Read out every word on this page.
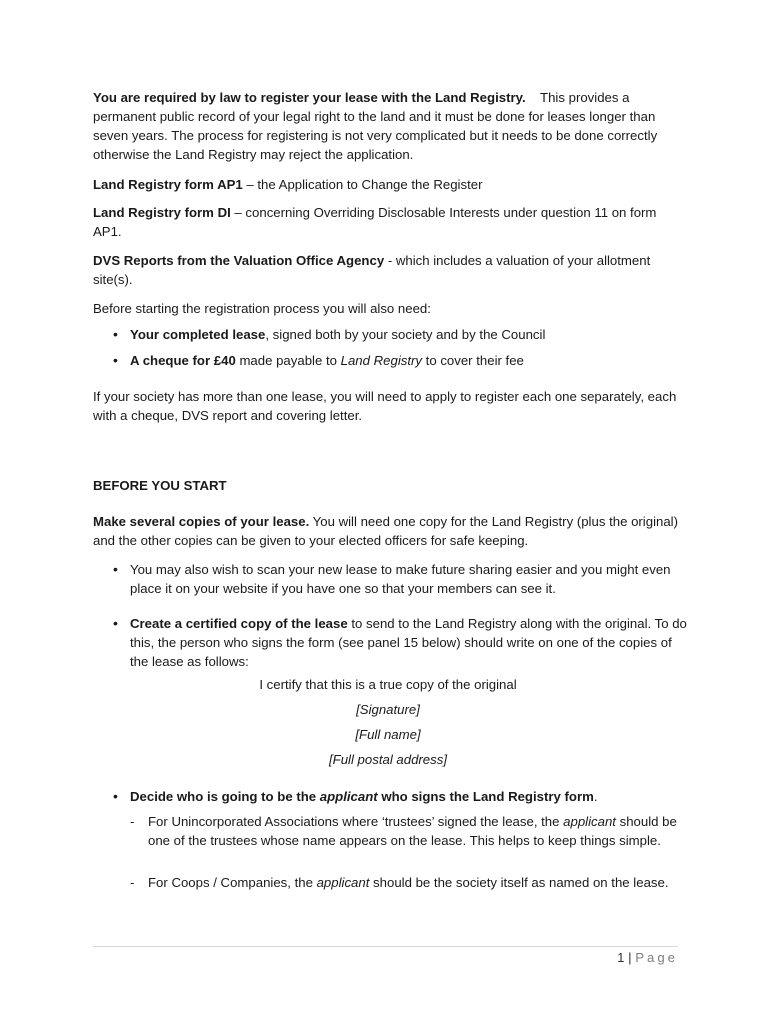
You are required by law to register your lease with the Land Registry. This provides a permanent public record of your legal right to the land and it must be done for leases longer than seven years. The process for registering is not very complicated but it needs to be done correctly otherwise the Land Registry may reject the application.

Land Registry form AP1 – the Application to Change the Register

Land Registry form DI – concerning Overriding Disclosable Interests under question 11 on form AP1.

DVS Reports from the Valuation Office Agency - which includes a valuation of your allotment site(s).

Before starting the registration process you will also need:

• Your completed lease, signed both by your society and by the Council

• A cheque for £40 made payable to Land Registry to cover their fee

If your society has more than one lease, you will need to apply to register each one separately, each with a cheque, DVS report and covering letter.

BEFORE YOU START

Make several copies of your lease. You will need one copy for the Land Registry (plus the original) and the other copies can be given to your elected officers for safe keeping.

• You may also wish to scan your new lease to make future sharing easier and you might even place it on your website if you have one so that your members can see it.

• Create a certified copy of the lease to send to the Land Registry along with the original. To do this, the person who signs the form (see panel 15 below) should write on one of the copies of the lease as follows:

I certify that this is a true copy of the original

[Signature]

[Full name]

[Full postal address]

• Decide who is going to be the applicant who signs the Land Registry form.

-	For Unincorporated Associations where ‘trustees’ signed the lease, the applicant should be one of the trustees whose name appears on the lease. This helps to keep things simple.

-	For Coops / Companies, the applicant should be the society itself as named on the lease.

1 | Page
